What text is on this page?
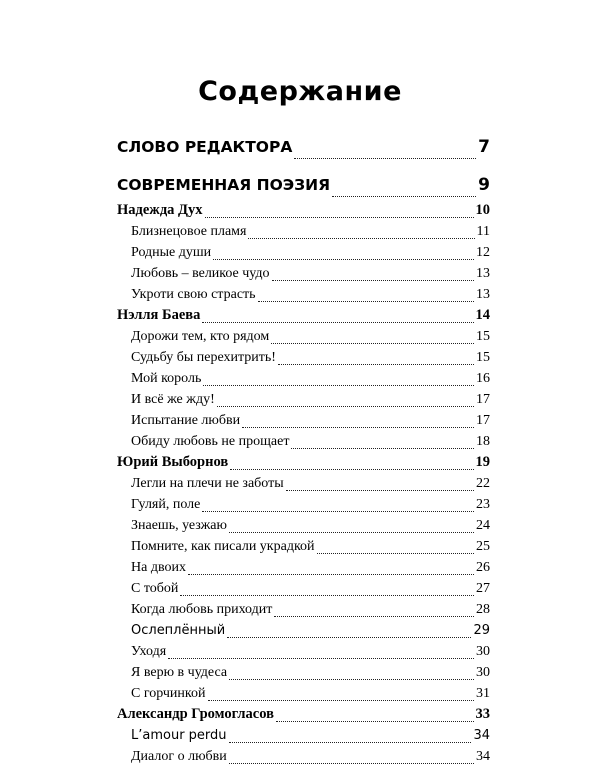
Содержание
СЛОВО РЕДАКТОРА	7
СОВРЕМЕННАЯ ПОЭЗИЯ	9
Надежда Дух	10
Близнецовое пламя	11
Родные души	12
Любовь – великое чудо	13
Укроти свою страсть	13
Нэлля Баева	14
Дорожи тем, кто рядом	15
Судьбу бы перехитрить!	15
Мой король	16
И всё же жду!	17
Испытание любви	17
Обиду любовь не прощает	18
Юрий Выборнов	19
Легли на плечи не заботы	22
Гуляй, поле	23
Знаешь, уезжаю	24
Помните, как писали украдкой	25
На двоих	26
С тобой	27
Когда любовь приходит	28
Ослеплённый	29
Уходя	30
Я верю в чудеса	30
С горчинкой	31
Александр Громогласов	33
L’amour perdu	34
Диалог о любви	34
